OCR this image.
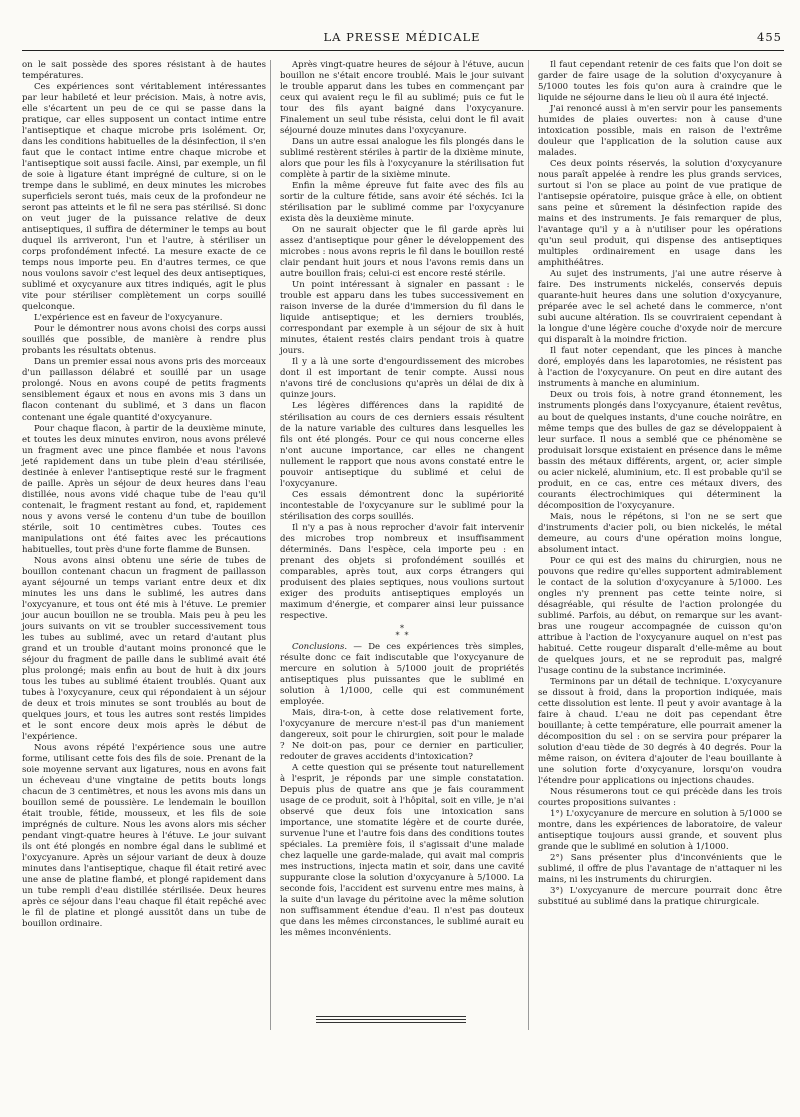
LA PRESSE MÉDICALE	455

on le sait possède des spores résistant à de hautes températures.

Ces expériences sont véritablement intéressantes par leur habileté et leur précision. Mais, à notre avis, elle s'écartent un peu de ce qui se passe dans la pratique, car elles supposent un contact intime entre l'antiseptique et chaque microbe pris isolément. Or, dans les conditions habituelles de la désinfection, il s'en faut que le contact intime entre chaque microbe et l'antiseptique soit aussi facile. Ainsi, par exemple, un fil de soie à ligature étant imprégné de culture, si on le trempe dans le sublimé, en deux minutes les microbes superficiels seront tués, mais ceux de la profondeur ne seront pas atteints et le fil ne sera pas stérilisé. Si donc on veut juger de la puissance relative de deux antiseptiques, il suffira de déterminer le temps au bout duquel ils arriveront, l'un et l'autre, à stériliser un corps profondément infecté. La mesure exacte de ce temps nous importe peu. En d'autres termes, ce que nous voulons savoir c'est lequel des deux antiseptiques, sublimé et oxycyanure aux titres indiqués, agit le plus vite pour stériliser complètement un corps souillé quelconque.

L'expérience est en faveur de l'oxycyanure.

Pour le démontrer nous avons choisi des corps aussi souillés que possible, de manière à rendre plus probants les résultats obtenus.

Dans un premier essai nous avons pris des morceaux d'un paillasson délabré et souillé par un usage prolongé. Nous en avons coupé de petits fragments sensiblement égaux et nous en avons mis 3 dans un flacon contenant du sublimé, et 3 dans un flacon contenant une égale quantité d'oxycyanure.

Pour chaque flacon, à partir de la deuxième minute, et toutes les deux minutes environ, nous avons prélevé un fragment avec une pince flambée et nous l'avons jeté rapidement dans un tube plein d'eau stérilisée, destinée à enlever l'antiseptique resté sur le fragment de paille. Après un séjour de deux heures dans l'eau distillée, nous avons vidé chaque tube de l'eau qu'il contenait, le fragment restant au fond, et, rapidement nous y avons versé le contenu d'un tube de bouillon stérile, soit 10 centimètres cubes. Toutes ces manipulations ont été faites avec les précautions habituelles, tout près d'une forte flamme de Bunsen.

Nous avons ainsi obtenu une série de tubes de bouillon contenant chacun un fragment de paillasson ayant séjourné un temps variant entre deux et dix minutes les uns dans le sublimé, les autres dans l'oxycyanure, et tous ont été mis à l'étuve. Le premier jour aucun bouillon ne se troubla. Mais peu à peu les jours suivants on vit se troubler successivement tous les tubes au sublimé, avec un retard d'autant plus grand et un trouble d'autant moins prononcé que le séjour du fragment de paille dans le sublimé avait été plus prolongé; mais enfin au bout de huit à dix jours tous les tubes au sublimé étaient troublés. Quant aux tubes à l'oxycyanure, ceux qui répondaient à un séjour de deux et trois minutes se sont troublés au bout de quelques jours, et tous les autres sont restés limpides et le sont encore deux mois après le début de l'expérience.

Nous avons répété l'expérience sous une autre forme, utilisant cette fois des fils de soie. Prenant de la soie moyenne servant aux ligatures, nous en avons fait un écheveau d'une vingtaine de petits bouts longs chacun de 3 centimètres, et nous les avons mis dans un bouillon semé de poussière. Le lendemain le bouillon était trouble, fétide, mousseux, et les fils de soie imprégnés de culture. Nous les avons alors mis sécher pendant vingt-quatre heures à l'étuve. Le jour suivant ils ont été plongés en nombre égal dans le sublimé et l'oxycyanure. Après un séjour variant de deux à douze minutes dans l'antiseptique, chaque fil était retiré avec une anse de platine flambé, et plongé rapidement dans un tube rempli d'eau distillée stérilisée. Deux heures après ce séjour dans l'eau chaque fil était repêché avec le fil de platine et plongé aussitôt dans un tube de bouillon ordinaire.

Après vingt-quatre heures de séjour à l'étuve, aucun bouillon ne s'était encore troublé. Mais le jour suivant le trouble apparut dans les tubes en commençant par ceux qui avaient reçu le fil au sublimé; puis ce fut le tour des fils ayant baigné dans l'oxycyanure. Finalement un seul tube résista, celui dont le fil avait séjourné douze minutes dans l'oxycyanure.

Dans un autre essai analogue les fils plongés dans le sublimé restèrent stériles à partir de la dixième minute, alors que pour les fils à l'oxycyanure la stérilisation fut complète à partir de la sixième minute.

Enfin la même épreuve fut faite avec des fils au sortir de la culture fétide, sans avoir été séchés. Ici la stérilisation par le sublimé comme par l'oxycyanure exista dès la deuxième minute.

On ne saurait objecter que le fil garde après lui assez d'antiseptique pour gêner le développement des microbes : nous avons repris le fil dans le bouillon resté clair pendant huit jours et nous l'avons remis dans un autre bouillon frais; celui-ci est encore resté stérile.

Un point intéressant à signaler en passant : le trouble est apparu dans les tubes successivement en raison inverse de la durée d'immersion du fil dans le liquide antiseptique; et les derniers troublés, correspondant par exemple à un séjour de six à huit minutes, étaient restés clairs pendant trois à quatre jours.

Il y a là une sorte d'engourdissement des microbes dont il est important de tenir compte. Aussi nous n'avons tiré de conclusions qu'après un délai de dix à quinze jours.

Les légères différences dans la rapidité de stérilisation au cours de ces derniers essais résultent de la nature variable des cultures dans lesquelles les fils ont été plongés. Pour ce qui nous concerne elles n'ont aucune importance, car elles ne changent nullement le rapport que nous avons constaté entre le pouvoir antiseptique du sublimé et celui de l'oxycyanure.

Ces essais démontrent donc la supériorité incontestable de l'oxycyanure sur le sublimé pour la stérilisation des corps souillés.

Il n'y a pas à nous reprocher d'avoir fait intervenir des microbes trop nombreux et insuffisamment déterminés. Dans l'espèce, cela importe peu : en prenant des objets si profondément souillés et comparables, après tout, aux corps étrangers qui produisent des plaies septiques, nous voulions surtout exiger des produits antiseptiques employés un maximum d'énergie, et comparer ainsi leur puissance respective.

*
*  *

Conclusions. — De ces expériences très simples, résulte donc ce fait indiscutable que l'oxycyanure de mercure en solution à 5/1000 jouit de propriétés antiseptiques plus puissantes que le sublimé en solution à 1/1000, celle qui est communément employée.

Mais, dira-t-on, à cette dose relativement forte, l'oxycyanure de mercure n'est-il pas d'un maniement dangereux, soit pour le chirurgien, soit pour le malade ? Ne doit-on pas, pour ce dernier en particulier, redouter de graves accidents d'intoxication?

A cette question qui se présente tout naturellement à l'esprit, je réponds par une simple constatation. Depuis plus de quatre ans que je fais couramment usage de ce produit, soit à l'hôpital, soit en ville, je n'ai observé que deux fois une intoxication sans importance, une stomatite légère et de courte durée, survenue l'une et l'autre fois dans des conditions toutes spéciales. La première fois, il s'agissait d'une malade chez laquelle une garde-malade, qui avait mal compris mes instructions, injecta matin et soir, dans une cavité suppurante close la solution d'oxycyanure à 5/1000. La seconde fois, l'accident est survenu entre mes mains, à la suite d'un lavage du péritoine avec la même solution non suffisamment étendue d'eau. Il n'est pas douteux que dans les mêmes circonstances, le sublimé aurait eu les mêmes inconvénients.

Il faut cependant retenir de ces faits que l'on doit se garder de faire usage de la solution d'oxycyanure à 5/1000 toutes les fois qu'on aura à craindre que le liquide ne séjourne dans le lieu où il aura été injecté.

J'ai renoncé aussi à m'en servir pour les pansements humides de plaies ouvertes: non à cause d'une intoxication possible, mais en raison de l'extrême douleur que l'application de la solution cause aux malades.

Ces deux points réservés, la solution d'oxycyanure nous paraît appelée à rendre les plus grands services, surtout si l'on se place au point de vue pratique de l'antisepsie opératoire, puisque grâce à elle, on obtient sans peine et sûrement la désinfection rapide des mains et des instruments. Je fais remarquer de plus, l'avantage qu'il y a à n'utiliser pour les opérations qu'un seul produit, qui dispense des antiseptiques multiples ordinairement en usage dans les amphithéâtres.

Au sujet des instruments, j'ai une autre réserve à faire. Des instruments nickelés, conservés depuis quarante-huit heures dans une solution d'oxycyanure, préparée avec le sel acheté dans le commerce, n'ont subi aucune altération. Ils se couvriraient cependant à la longue d'une légère couche d'oxyde noir de mercure qui disparaît à la moindre friction.

Il faut noter cependant, que les pinces à manche doré, employés dans les laparotomies, ne résistent pas à l'action de l'oxycyanure. On peut en dire autant des instruments à manche en aluminium.

Deux ou trois fois, à notre grand étonnement, les instruments plongés dans l'oxycyanure, étaient revêtus, au bout de quelques instants, d'une couche noirâtre, en même temps que des bulles de gaz se développaient à leur surface. Il nous a semblé que ce phénomène se produisait lorsque existaient en présence dans le même bassin des métaux différents, argent, or, acier simple ou acier nickelé, aluminium, etc. Il est probable qu'il se produit, en ce cas, entre ces métaux divers, des courants électrochimiques qui déterminent la décomposition de l'oxycyanure.

Mais, nous le répétons, si l'on ne se sert que d'instruments d'acier poli, ou bien nickelés, le métal demeure, au cours d'une opération moins longue, absolument intact.

Pour ce qui est des mains du chirurgien, nous ne pouvons que redire qu'elles supportent admirablement le contact de la solution d'oxycyanure à 5/1000. Les ongles n'y prennent pas cette teinte noire, si désagréable, qui résulte de l'action prolongée du sublimé. Parfois, au début, on remarque sur les avant-bras une rougeur accompagnée de cuisson qu'on attribue à l'action de l'oxycyanure auquel on n'est pas habitué. Cette rougeur disparaît d'elle-même au bout de quelques jours, et ne se reproduit pas, malgré l'usage continu de la substance incriminée.

Terminons par un détail de technique. L'oxycyanure se dissout à froid, dans la proportion indiquée, mais cette dissolution est lente. Il peut y avoir avantage à la faire à chaud. L'eau ne doit pas cependant être bouillante; à cette température, elle pourrait amener la décomposition du sel : on se servira pour préparer la solution d'eau tiède de 30 degrés à 40 degrés. Pour la même raison, on évitera d'ajouter de l'eau bouillante à une solution forte d'oxycyanure, lorsqu'on voudra l'étendre pour applications ou injections chaudes.

Nous résumerons tout ce qui précède dans les trois courtes propositions suivantes :

1°) L'oxycyanure de mercure en solution à 5/1000 se montre, dans les expériences de laboratoire, de valeur antiseptique toujours aussi grande, et souvent plus grande que le sublimé en solution à 1/1000.

2°) Sans présenter plus d'inconvénients que le sublimé, il offre de plus l'avantage de n'attaquer ni les mains, ni les instruments du chirurgien.

3°) L'oxycyanure de mercure pourrait donc être substitué au sublimé dans la pratique chirurgicale.
